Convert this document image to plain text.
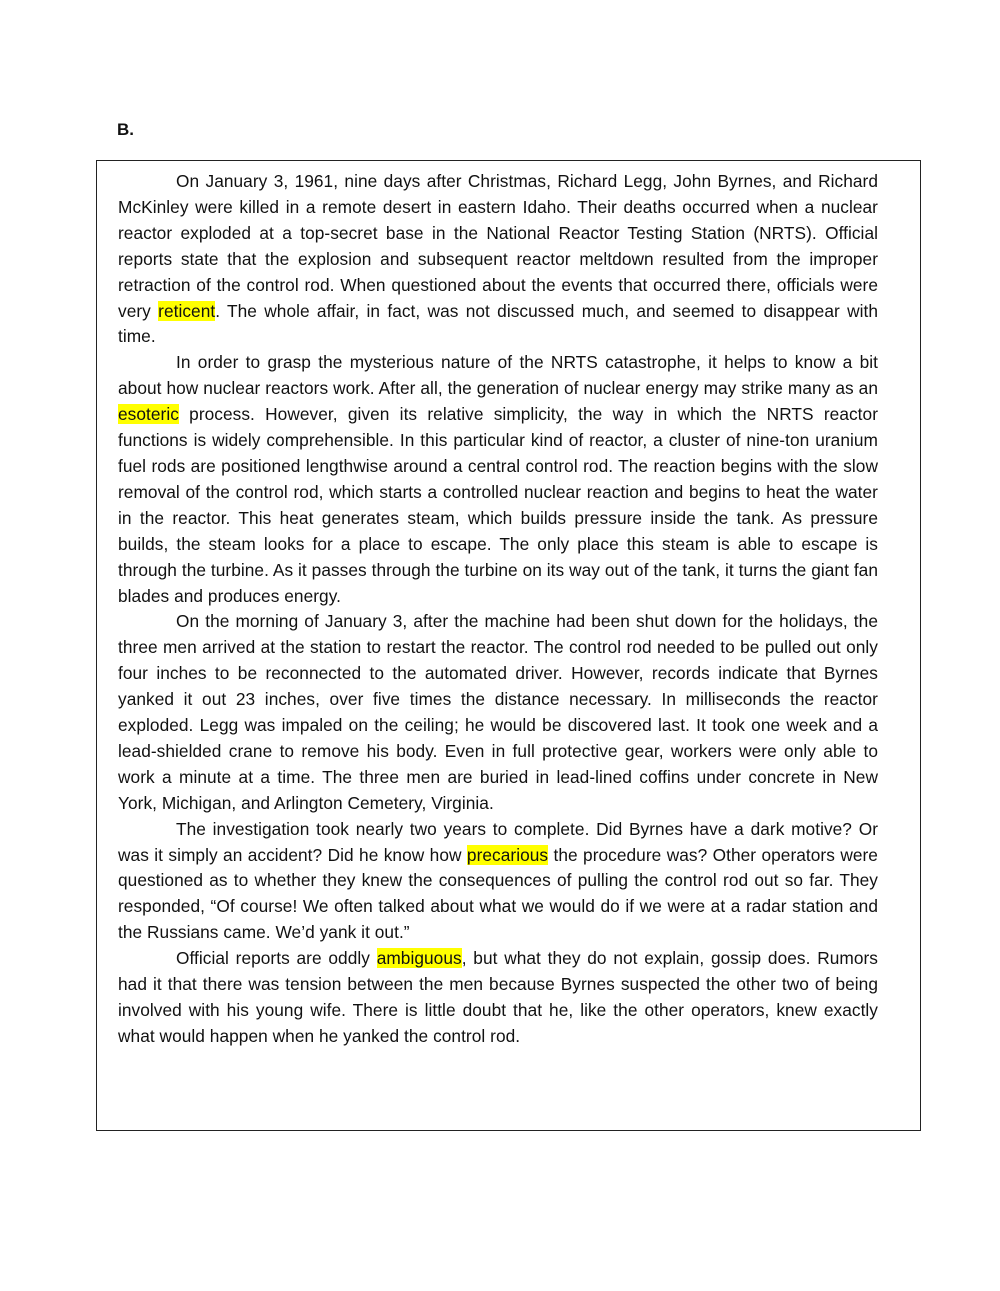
B.

On January 3, 1961, nine days after Christmas, Richard Legg, John Byrnes, and Richard McKinley were killed in a remote desert in eastern Idaho. Their deaths occurred when a nuclear reactor exploded at a top-secret base in the National Reactor Testing Station (NRTS). Official reports state that the explosion and subsequent reactor meltdown resulted from the improper retraction of the control rod. When questioned about the events that occurred there, officials were very reticent. The whole affair, in fact, was not discussed much, and seemed to disappear with time.

In order to grasp the mysterious nature of the NRTS catastrophe, it helps to know a bit about how nuclear reactors work. After all, the generation of nuclear energy may strike many as an esoteric process. However, given its relative simplicity, the way in which the NRTS reactor functions is widely comprehensible. In this particular kind of reactor, a cluster of nine-ton uranium fuel rods are positioned lengthwise around a central control rod. The reaction begins with the slow removal of the control rod, which starts a controlled nuclear reaction and begins to heat the water in the reactor. This heat generates steam, which builds pressure inside the tank. As pressure builds, the steam looks for a place to escape. The only place this steam is able to escape is through the turbine. As it passes through the turbine on its way out of the tank, it turns the giant fan blades and produces energy.

On the morning of January 3, after the machine had been shut down for the holidays, the three men arrived at the station to restart the reactor. The control rod needed to be pulled out only four inches to be reconnected to the automated driver. However, records indicate that Byrnes yanked it out 23 inches, over five times the distance necessary. In milliseconds the reactor exploded. Legg was impaled on the ceiling; he would be discovered last. It took one week and a lead-shielded crane to remove his body. Even in full protective gear, workers were only able to work a minute at a time. The three men are buried in lead-lined coffins under concrete in New York, Michigan, and Arlington Cemetery, Virginia.

The investigation took nearly two years to complete. Did Byrnes have a dark motive? Or was it simply an accident? Did he know how precarious the procedure was? Other operators were questioned as to whether they knew the consequences of pulling the control rod out so far. They responded, “Of course! We often talked about what we would do if we were at a radar station and the Russians came. We’d yank it out.”

Official reports are oddly ambiguous, but what they do not explain, gossip does. Rumors had it that there was tension between the men because Byrnes suspected the other two of being involved with his young wife. There is little doubt that he, like the other operators, knew exactly what would happen when he yanked the control rod.
